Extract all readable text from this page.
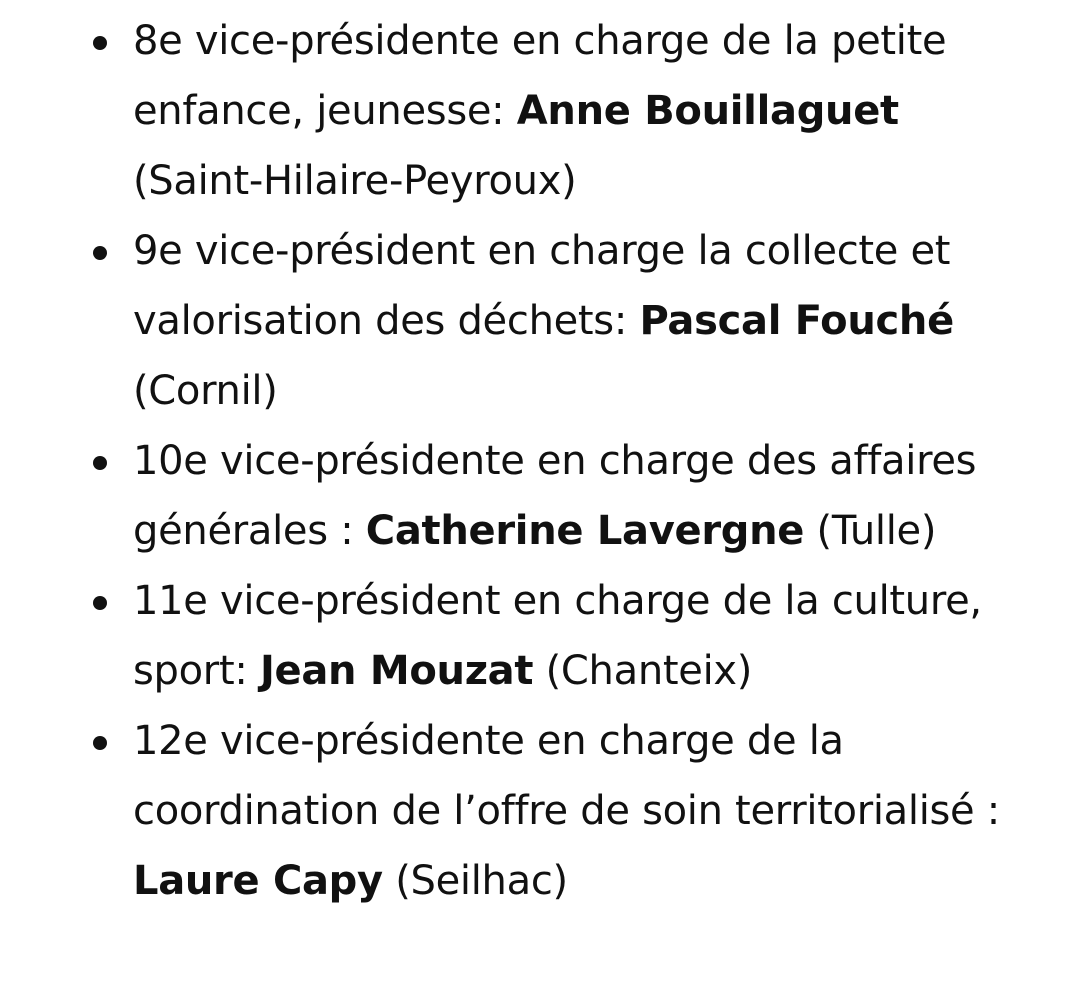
8e vice-présidente en charge de la petite enfance, jeunesse: Anne Bouillaguet (Saint-Hilaire-Peyroux)
9e vice-président en charge la collecte et valorisation des déchets: Pascal Fouché (Cornil)
10e vice-présidente en charge des affaires générales : Catherine Lavergne (Tulle)
11e vice-président en charge de la culture, sport: Jean Mouzat (Chanteix)
12e vice-présidente en charge de la coordination de l’offre de soin territorialisé : Laure Capy (Seilhac)
